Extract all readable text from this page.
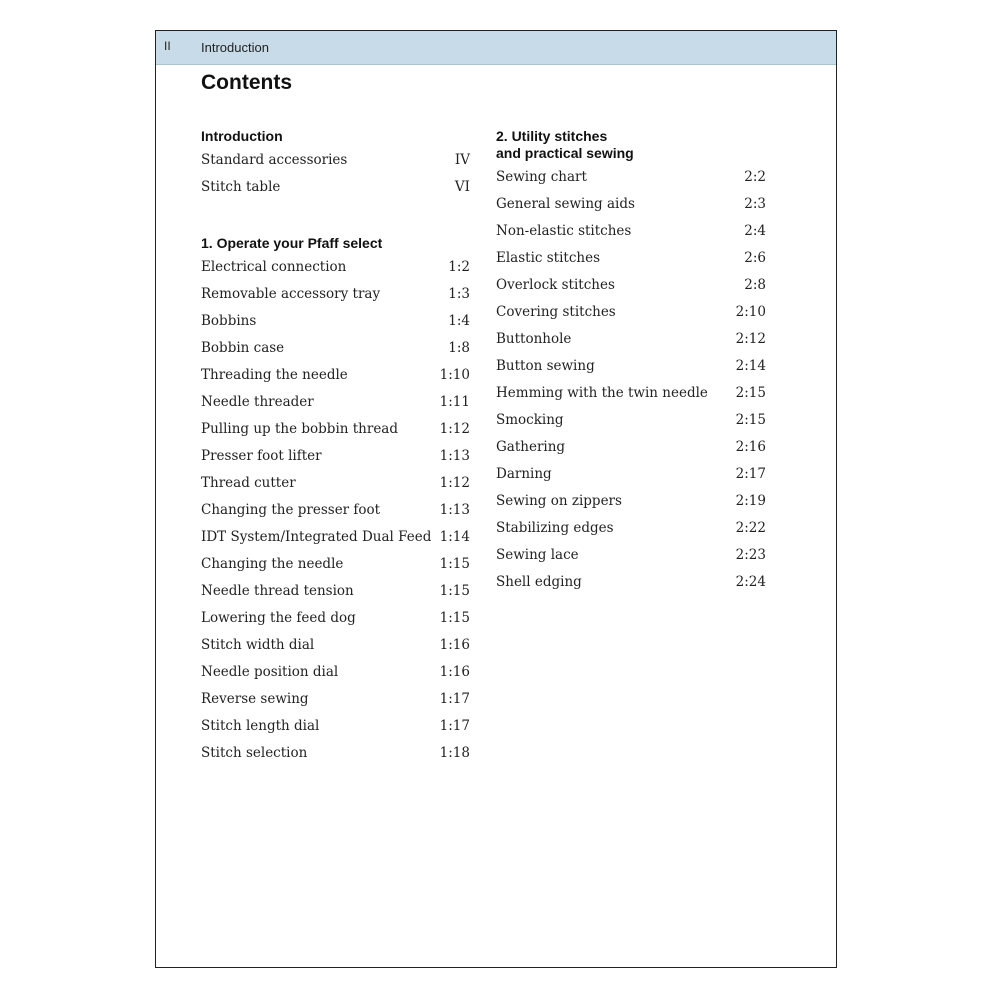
II Introduction
Contents
Introduction
Standard accessories	IV
Stitch table	VI
1. Operate your Pfaff select
Electrical connection	1:2
Removable accessory tray	1:3
Bobbins	1:4
Bobbin case	1:8
Threading the needle	1:10
Needle threader	1:11
Pulling up the bobbin thread	1:12
Presser foot lifter	1:13
Thread cutter	1:12
Changing the presser foot	1:13
IDT System/Integrated Dual Feed 1:14
Changing the needle	1:15
Needle thread tension	1:15
Lowering the feed dog	1:15
Stitch width dial	1:16
Needle position dial	1:16
Reverse sewing	1:17
Stitch length dial	1:17
Stitch selection	1:18
2. Utility stitches
and practical sewing
Sewing chart	2:2
General sewing aids	2:3
Non-elastic stitches	2:4
Elastic stitches	2:6
Overlock stitches	2:8
Covering stitches	2:10
Buttonhole	2:12
Button sewing	2:14
Hemming with the twin needle	2:15
Smocking	2:15
Gathering	2:16
Darning	2:17
Sewing on zippers	2:19
Stabilizing edges	2:22
Sewing lace	2:23
Shell edging	2:24
